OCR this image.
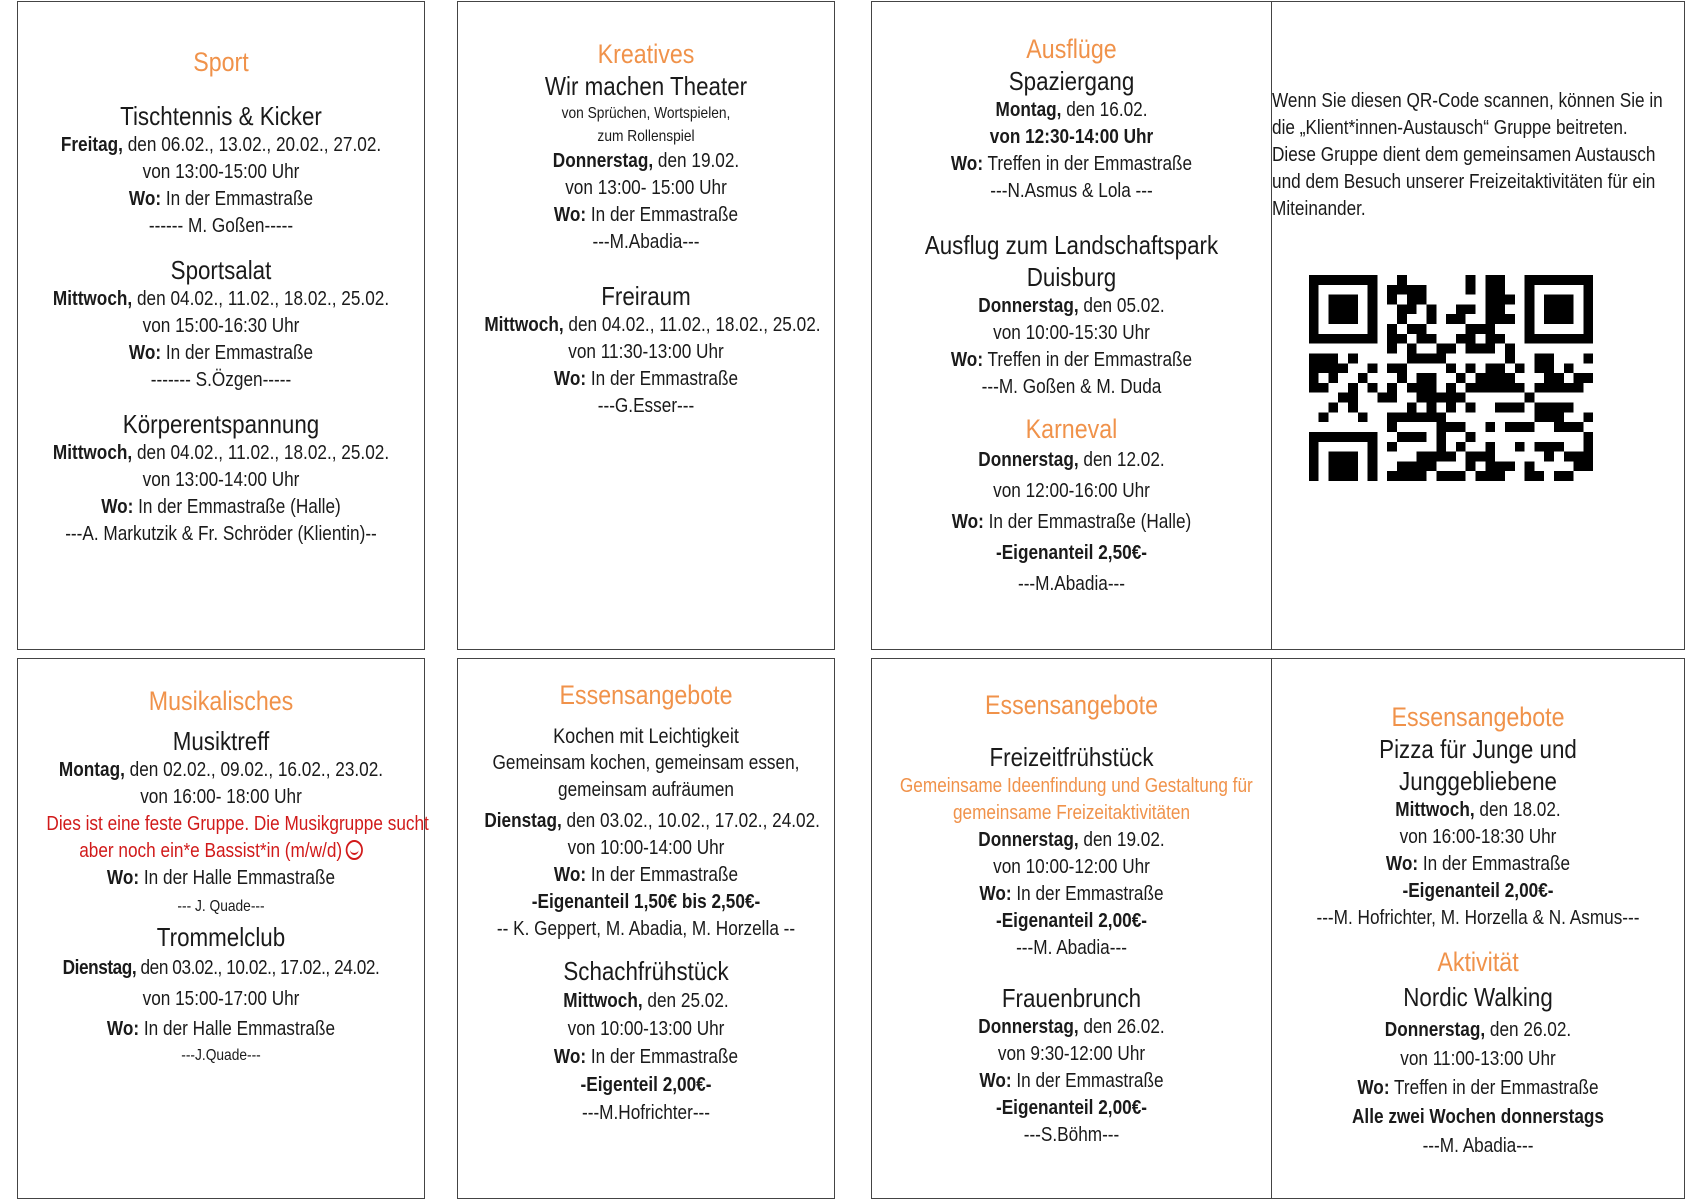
Sport
Tischtennis & Kicker
Freitag, den 06.02., 13.02., 20.02., 27.02.
von 13:00-15:00 Uhr
Wo: In der Emmastraße
------ M. Goßen-----
Sportsalat
Mittwoch, den 04.02., 11.02., 18.02., 25.02.
von 15:00-16:30 Uhr
Wo: In der Emmastraße
------- S.Özgen-----
Körperentspannung
Mittwoch, den 04.02., 11.02., 18.02., 25.02.
von 13:00-14:00 Uhr
Wo: In der Emmastraße (Halle)
---A. Markutzik & Fr. Schröder (Klientin)--
Kreatives
Wir machen Theater
von Sprüchen, Wortspielen,
zum Rollenspiel
Donnerstag, den 19.02.
von 13:00- 15:00 Uhr
Wo: In der Emmastraße
---M.Abadia---
Freiraum
Mittwoch, den 04.02., 11.02., 18.02., 25.02.
von 11:30-13:00 Uhr
Wo: In der Emmastraße
---G.Esser---
Ausflüge
Spaziergang
Montag, den 16.02.
von 12:30-14:00 Uhr
Wo: Treffen in der Emmastraße
---N.Asmus & Lola ---
Ausflug zum Landschaftspark
Duisburg
Donnerstag, den 05.02.
von 10:00-15:30 Uhr
Wo: Treffen in der Emmastraße
---M. Goßen & M. Duda
Karneval
Donnerstag, den 12.02.
von 12:00-16:00 Uhr
Wo: In der Emmastraße (Halle)
-Eigenanteil 2,50€-
---M.Abadia---
Wenn Sie diesen QR-Code scannen, können Sie in
die „Klient*innen-Austausch“ Gruppe beitreten.
Diese Gruppe dient dem gemeinsamen Austausch
und dem Besuch unserer Freizeitaktivitäten für ein
Miteinander.
Musikalisches
Musiktreff
Montag, den 02.02., 09.02., 16.02., 23.02.
von 16:00- 18:00 Uhr
Dies ist eine feste Gruppe. Die Musikgruppe sucht
aber noch ein*e Bassist*in (m/w/d)
Wo: In der Halle Emmastraße
--- J. Quade---
Trommelclub
Dienstag, den 03.02., 10.02., 17.02., 24.02.
von 15:00-17:00 Uhr
Wo: In der Halle Emmastraße
---J.Quade---
Essensangebote
Kochen mit Leichtigkeit
Gemeinsam kochen, gemeinsam essen,
gemeinsam aufräumen
Dienstag, den 03.02., 10.02., 17.02., 24.02.
von 10:00-14:00 Uhr
Wo: In der Emmastraße
-Eigenanteil 1,50€ bis 2,50€-
-- K. Geppert, M. Abadia, M. Horzella --
Schachfrühstück
Mittwoch, den 25.02.
von 10:00-13:00 Uhr
Wo: In der Emmastraße
-Eigenteil 2,00€-
---M.Hofrichter---
Essensangebote
Freizeitfrühstück
Gemeinsame Ideenfindung und Gestaltung für
gemeinsame Freizeitaktivitäten
Donnerstag, den 19.02.
von 10:00-12:00 Uhr
Wo: In der Emmastraße
-Eigenanteil 2,00€-
---M. Abadia---
Frauenbrunch
Donnerstag, den 26.02.
von 9:30-12:00 Uhr
Wo: In der Emmastraße
-Eigenanteil 2,00€-
---S.Böhm---
Essensangebote
Pizza für Junge und Junggebliebene
Mittwoch, den 18.02.
von 16:00-18:30 Uhr
Wo: In der Emmastraße
-Eigenanteil 2,00€-
---M. Hofrichter, M. Horzella & N. Asmus---
Aktivität
Nordic Walking
Donnerstag, den 26.02.
von 11:00-13:00 Uhr
Wo: Treffen in der Emmastraße
Alle zwei Wochen donnerstags
---M. Abadia---
